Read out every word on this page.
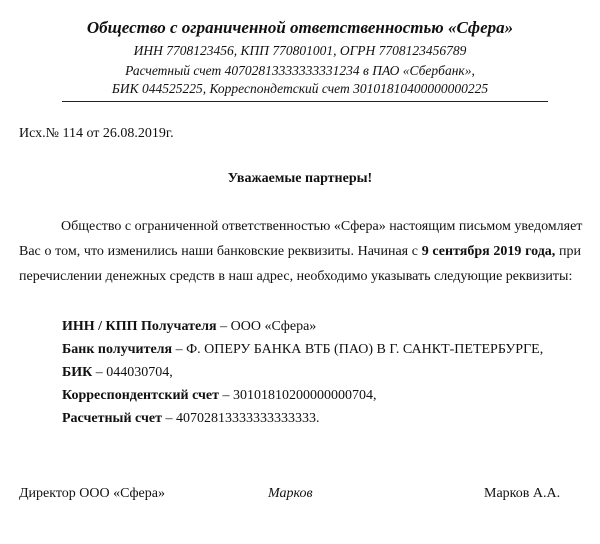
Общество с ограниченной ответственностью «Сфера»
ИНН 7708123456, КПП 770801001, ОГРН 7708123456789
Расчетный счет 40702813333333331234 в ПАО «Сбербанк»,
БИК 044525225, Корреспондетский счет 30101810400000000225
Исх.№ 114 от 26.08.2019г.
Уважаемые партнеры!
Общество с ограниченной ответственностью «Сфера» настоящим письмом уведомляет
Вас о том, что изменились наши банковские реквизиты. Начиная с 9 сентября 2019 года, при
перечислении денежных средств в наш адрес, необходимо указывать следующие реквизиты:
ИНН / КПП Получателя – ООО «Сфера»
Банк получителя – Ф. ОПЕРУ БАНКА ВТБ (ПАО) В Г. САНКТ-ПЕТЕРБУРГЕ,
БИК – 044030704,
Корреспондентский счет – 30101810200000000704,
Расчетный счет – 40702813333333333333.
Директор ООО «Сфера»	Марков	Марков А.А.
